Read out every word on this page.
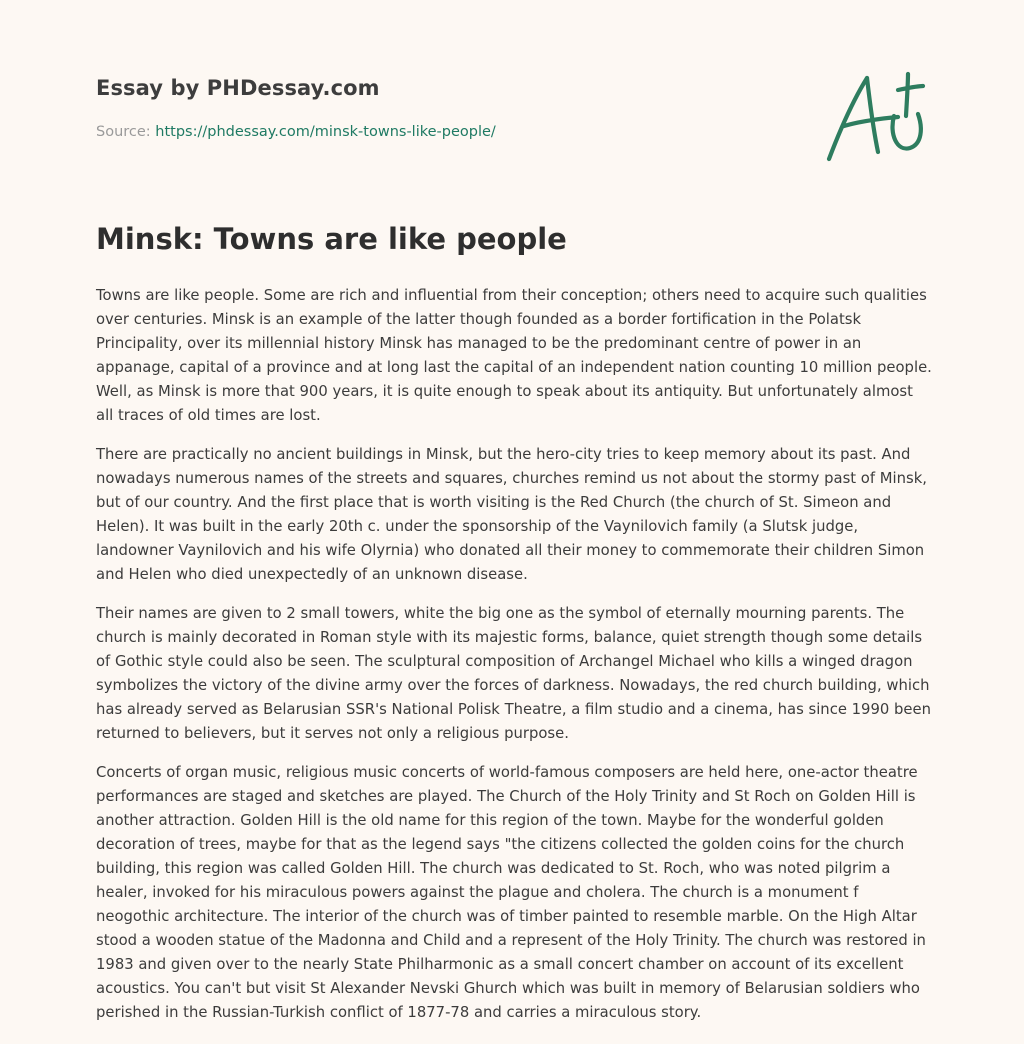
Essay by PHDessay.com
Source: https://phdessay.com/minsk-towns-like-people/
Minsk: Towns are like people

Towns are like people. Some are rich and influential from their conception; others need to acquire such qualities over centuries. Minsk is an example of the latter though founded as a border fortification in the Polatsk Principality, over its millennial history Minsk has managed to be the predominant centre of power in an appanage, capital of a province and at long last the capital of an independent nation counting 10 million people. Well, as Minsk is more that 900 years, it is quite enough to speak about its antiquity. But unfortunately almost all traces of old times are lost.

There are practically no ancient buildings in Minsk, but the hero-city tries to keep memory about its past. And nowadays numerous names of the streets and squares, churches remind us not about the stormy past of Minsk, but of our country. And the first place that is worth visiting is the Red Church (the church of St. Simeon and Helen). It was built in the early 20th c. under the sponsorship of the Vaynilovich family (a Slutsk judge, landowner Vaynilovich and his wife Olyrnia) who donated all their money to commemorate their children Simon and Helen who died unexpectedly of an unknown disease.

Their names are given to 2 small towers, white the big one as the symbol of eternally mourning parents. The church is mainly decorated in Roman style with its majestic forms, balance, quiet strength though some details of Gothic style could also be seen. The sculptural composition of Archangel Michael who kills a winged dragon symbolizes the victory of the divine army over the forces of darkness. Nowadays, the red church building, which has already served as Belarusian SSR's National Polisk Theatre, a film studio and a cinema, has since 1990 been returned to believers, but it serves not only a religious purpose.

Concerts of organ music, religious music concerts of world-famous composers are held here, one-actor theatre performances are staged and sketches are played. The Church of the Holy Trinity and St Roch on Golden Hill is another attraction. Golden Hill is the old name for this region of the town. Maybe for the wonderful golden decoration of trees, maybe for that as the legend says "the citizens collected the golden coins for the church building, this region was called Golden Hill. The church was dedicated to St. Roch, who was noted pilgrim a healer, invoked for his miraculous powers against the plague and cholera. The church is a monument f neogothic architecture. The interior of the church was of timber painted to resemble marble. On the High Altar stood a wooden statue of the Madonna and Child and a represent of the Holy Trinity. The church was restored in 1983 and given over to the nearly State Philharmonic as a small concert chamber on account of its excellent acoustics. You can't but visit St Alexander Nevski Ghurch which was built in memory of Belarusian soldiers who perished in the Russian-Turkish conflict of 1877-78 and carries a miraculous story.
